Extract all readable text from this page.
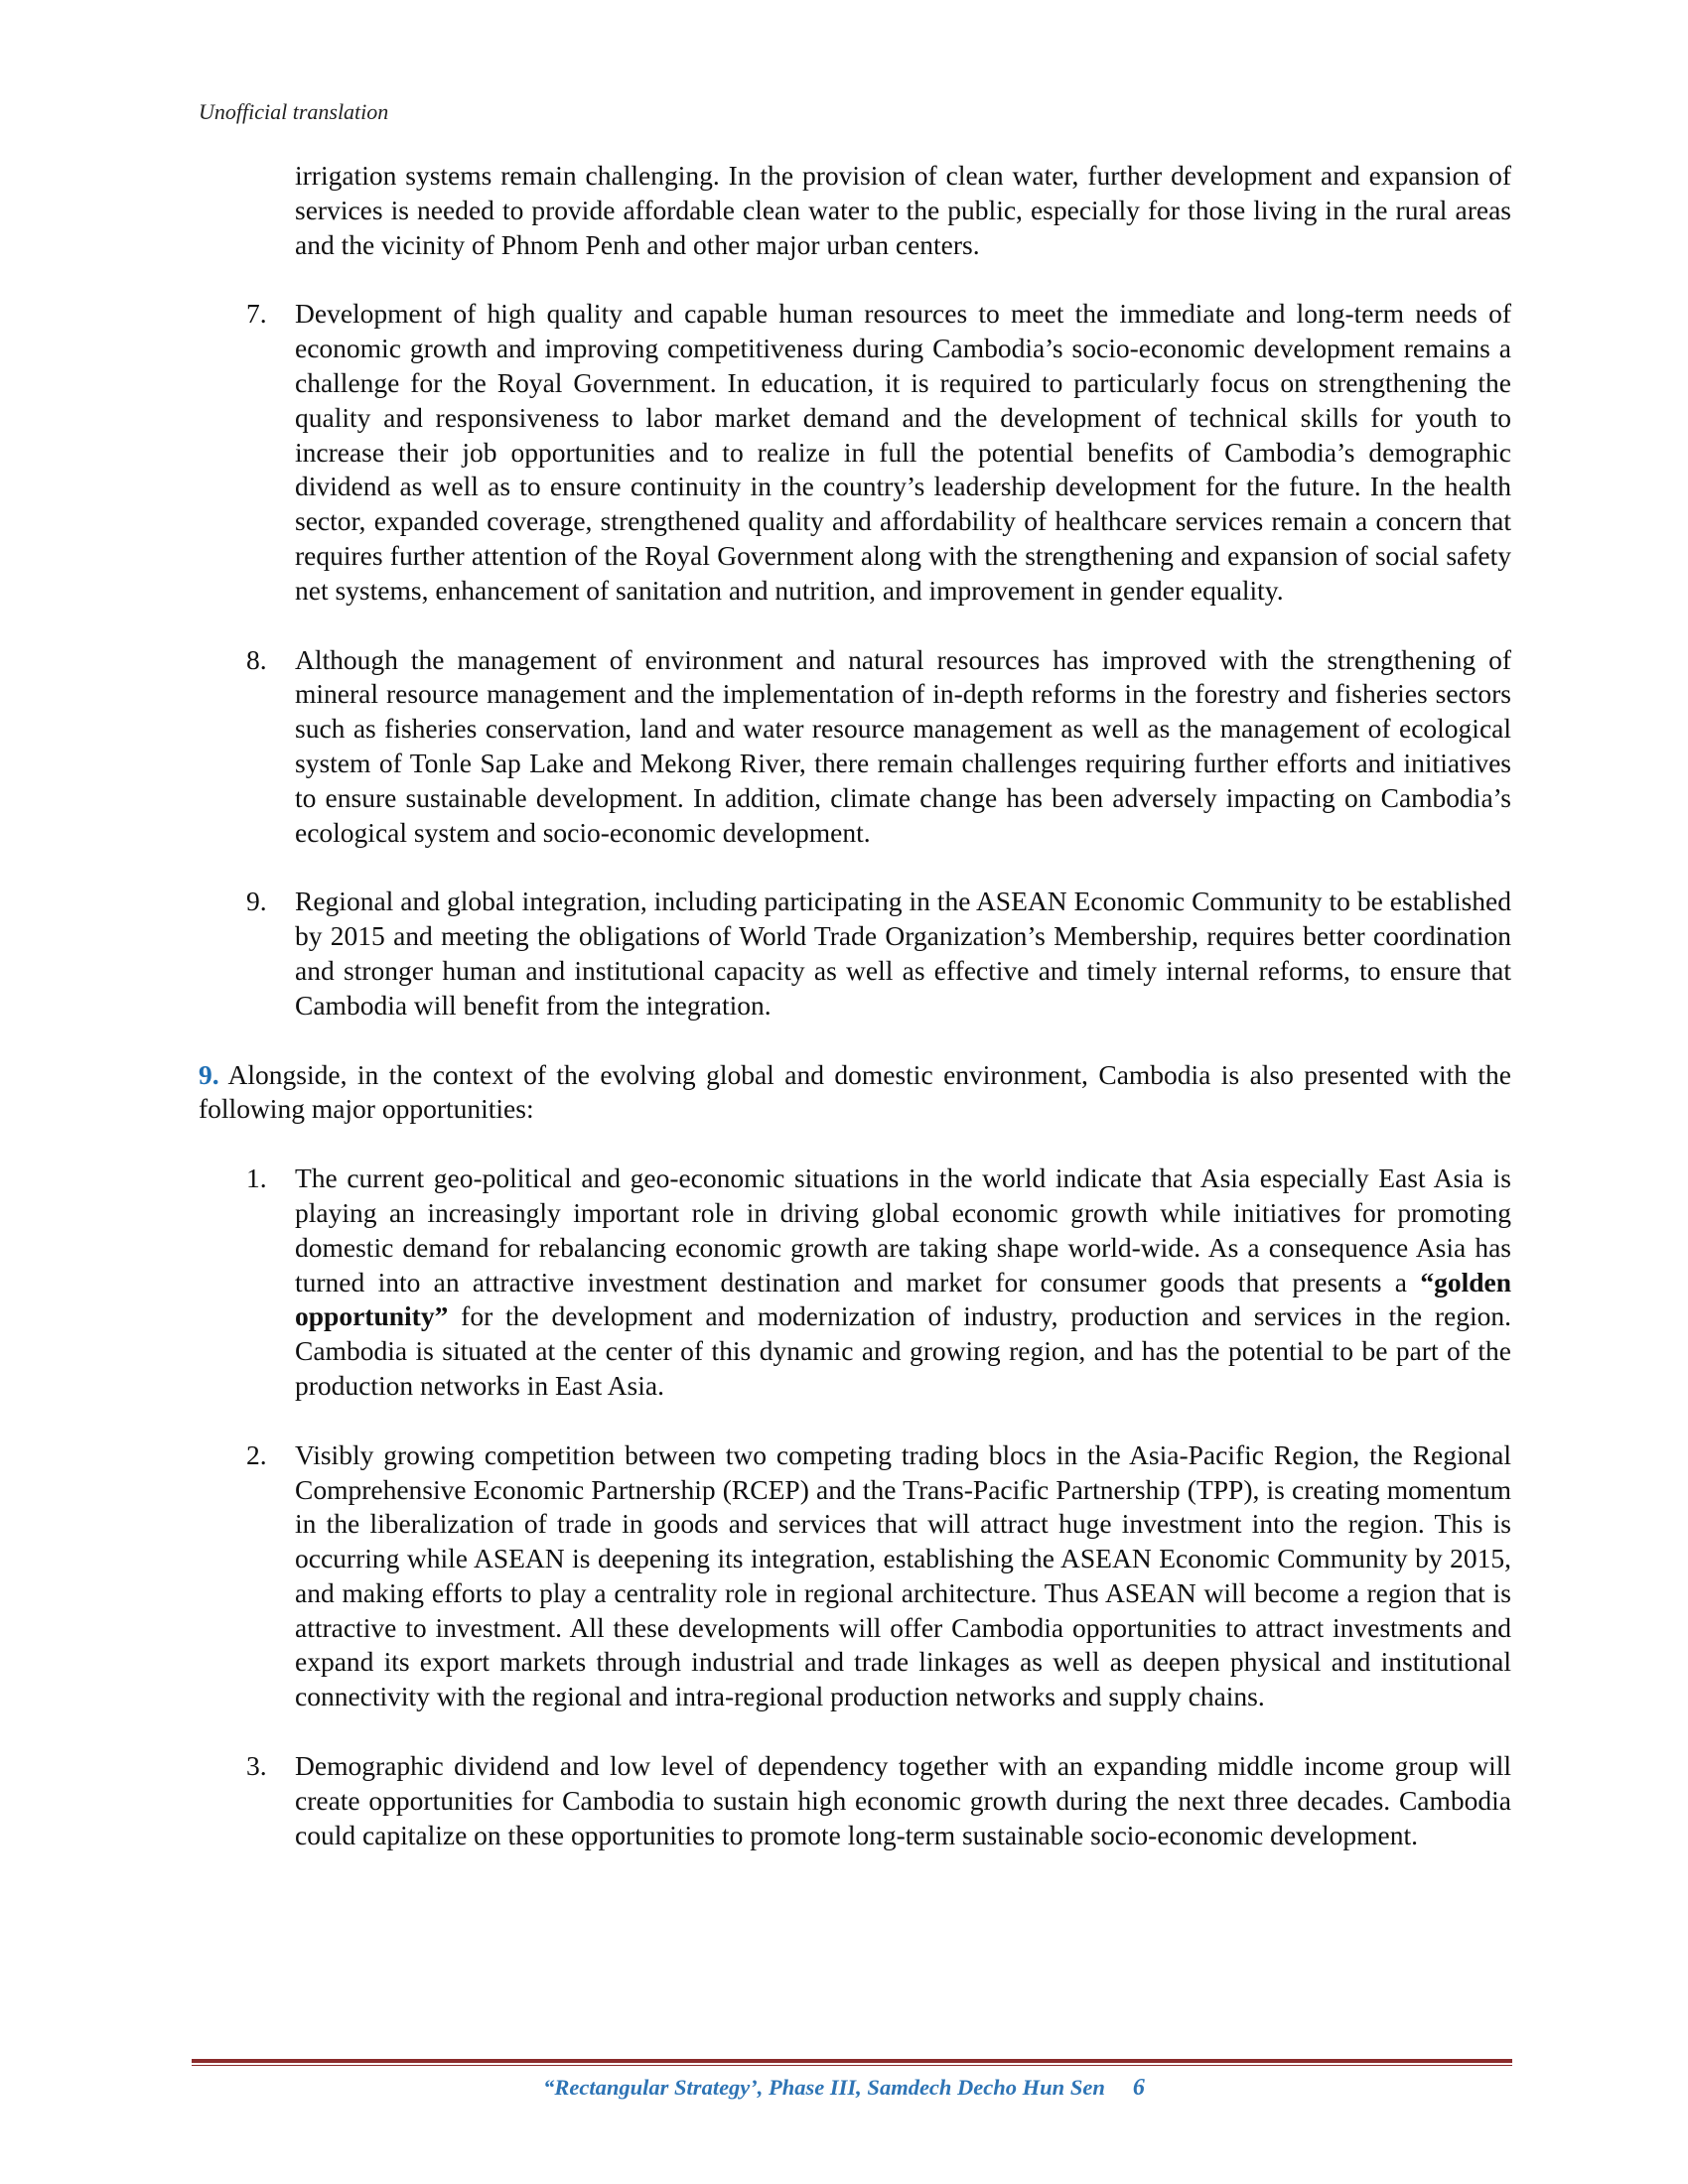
Unofficial translation

irrigation systems remain challenging. In the provision of clean water, further development and expansion of services is needed to provide affordable clean water to the public, especially for those living in the rural areas and the vicinity of Phnom Penh and other major urban centers.

7.	Development of high quality and capable human resources to meet the immediate and long-term needs of economic growth and improving competitiveness during Cambodia’s socio-economic development remains a challenge for the Royal Government. In education, it is required to particularly focus on strengthening the quality and responsiveness to labor market demand and the development of technical skills for youth to increase their job opportunities and to realize in full the potential benefits of Cambodia’s demographic dividend as well as to ensure continuity in the country’s leadership development for the future. In the health sector, expanded coverage, strengthened quality and affordability of healthcare services remain a concern that requires further attention of the Royal Government along with the strengthening and expansion of social safety net systems, enhancement of sanitation and nutrition, and improvement in gender equality.
8.	Although the management of environment and natural resources has improved with the strengthening of mineral resource management and the implementation of in-depth reforms in the forestry and fisheries sectors such as fisheries conservation, land and water resource management as well as the management of ecological system of Tonle Sap Lake and Mekong River, there remain challenges requiring further efforts and initiatives to ensure sustainable development. In addition, climate change has been adversely impacting on Cambodia’s ecological system and socio-economic development.
9.	Regional and global integration, including participating in the ASEAN Economic Community to be established by 2015 and meeting the obligations of World Trade Organization’s Membership, requires better coordination and stronger human and institutional capacity as well as effective and timely internal reforms, to ensure that Cambodia will benefit from the integration.

9. Alongside, in the context of the evolving global and domestic environment, Cambodia is also presented with the following major opportunities:

1.	The current geo-political and geo-economic situations in the world indicate that Asia especially East Asia is playing an increasingly important role in driving global economic growth while initiatives for promoting domestic demand for rebalancing economic growth are taking shape world-wide. As a consequence Asia has turned into an attractive investment destination and market for consumer goods that presents a “golden opportunity” for the development and modernization of industry, production and services in the region. Cambodia is situated at the center of this dynamic and growing region, and has the potential to be part of the production networks in East Asia.
2.	Visibly growing competition between two competing trading blocs in the Asia-Pacific Region, the Regional Comprehensive Economic Partnership (RCEP) and the Trans-Pacific Partnership (TPP), is creating momentum in the liberalization of trade in goods and services that will attract huge investment into the region. This is occurring while ASEAN is deepening its integration, establishing the ASEAN Economic Community by 2015, and making efforts to play a centrality role in regional architecture. Thus ASEAN will become a region that is attractive to investment. All these developments will offer Cambodia opportunities to attract investments and expand its export markets through industrial and trade linkages as well as deepen physical and institutional connectivity with the regional and intra-regional production networks and supply chains.
3.	Demographic dividend and low level of dependency together with an expanding middle income group will create opportunities for Cambodia to sustain high economic growth during the next three decades. Cambodia could capitalize on these opportunities to promote long-term sustainable socio-economic development.
“Rectangular Strategy’, Phase III, Samdech Decho Hun Sen 6
